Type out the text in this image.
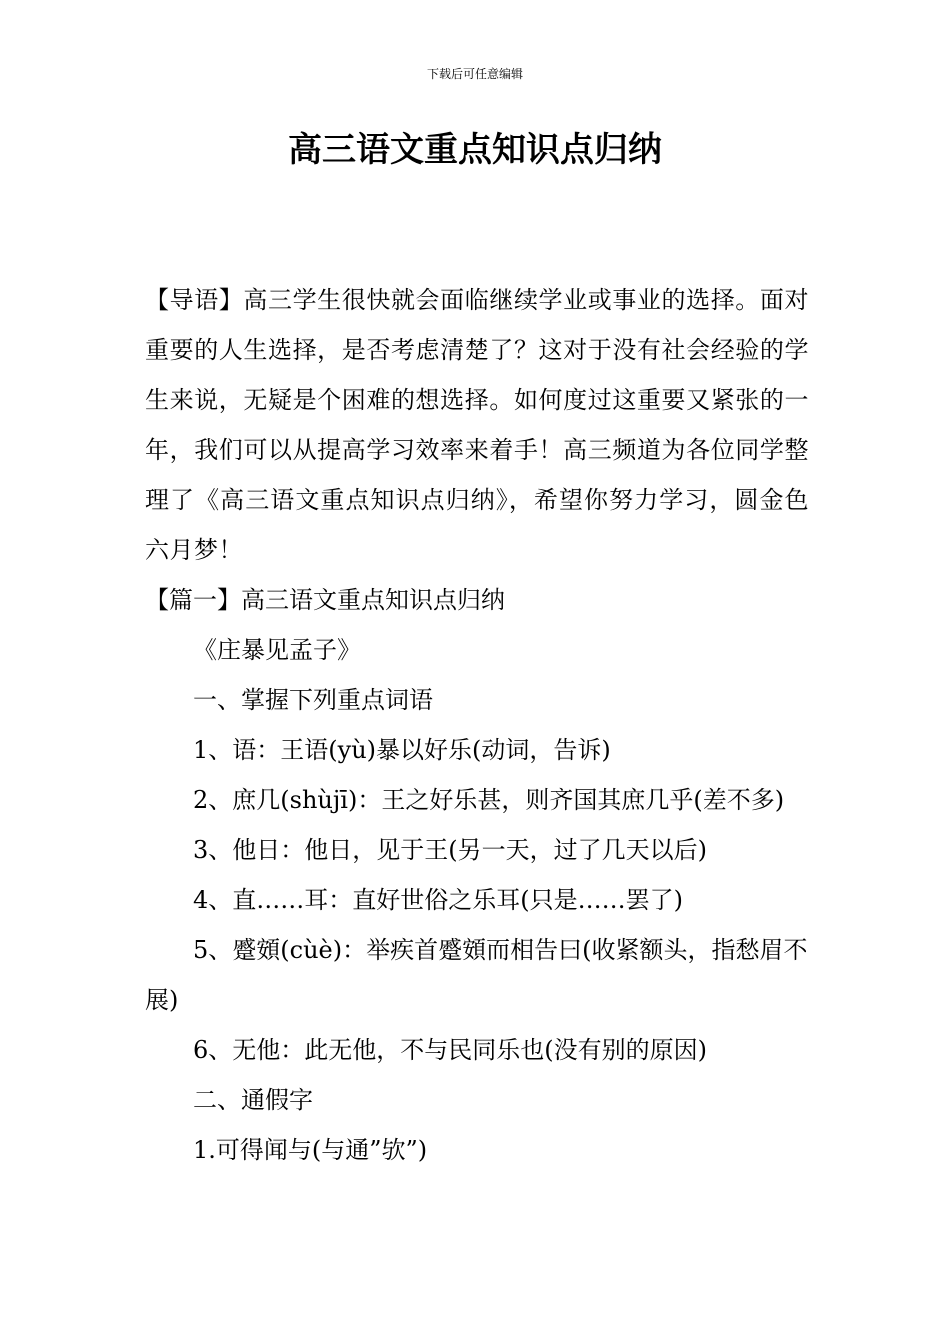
下载后可任意编辑
高三语文重点知识点归纳

【导语】高三学生很快就会面临继续学业或事业的选择。面对重要的人生选择，是否考虑清楚了？这对于没有社会经验的学生来说，无疑是个困难的想选择。如何度过这重要又紧张的一年，我们可以从提高学习效率来着手！高三频道为各位同学整理了《高三语文重点知识点归纳》，希望你努力学习，圆金色六月梦！

【篇一】高三语文重点知识点归纳

《庄暴见孟子》

一、掌握下列重点词语

1、语：王语(yù)暴以好乐(动词，告诉)

2、庶几(shùjī)：王之好乐甚，则齐国其庶几乎(差不多)

3、他日：他日，见于王(另一天，过了几天以后)

4、直……耳：直好世俗之乐耳(只是……罢了)

5、蹙頞(cùè)：举疾首蹙頞而相告曰(收紧额头，指愁眉不展)

6、无他：此无他，不与民同乐也(没有别的原因)

二、通假字

1.可得闻与(与通”欤”)
